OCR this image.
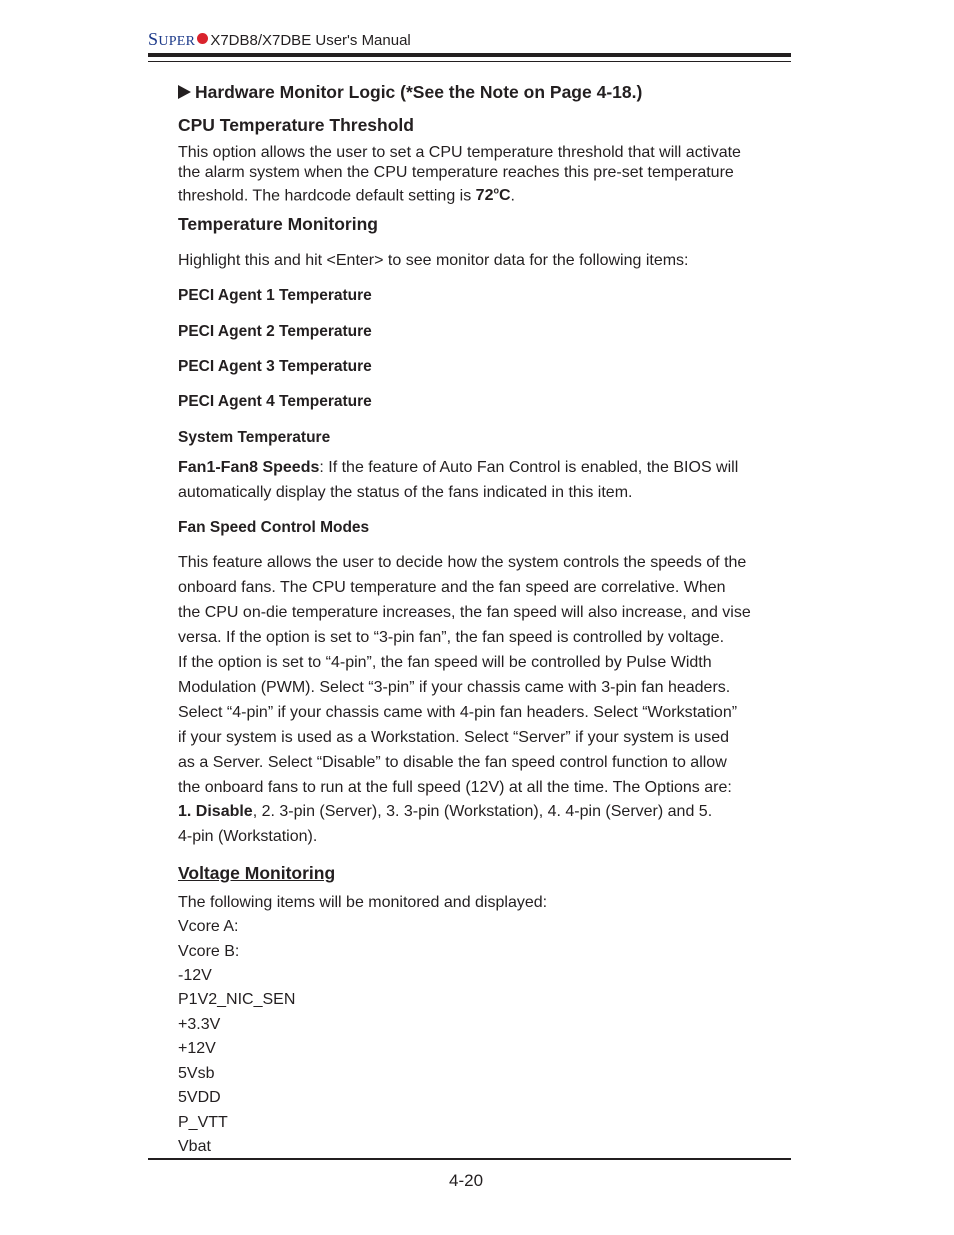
SUPER X7DB8/X7DBE User's Manual
Hardware Monitor Logic (*See the Note on Page 4-18.)
CPU Temperature Threshold
This option allows the user to set a CPU temperature threshold that will activate
the alarm system when the CPU temperature reaches this pre-set temperature
threshold. The hardcode default setting is 72$^o$C.
Temperature Monitoring
Highlight this and hit <Enter> to see monitor data for the following items:
PECI Agent 1 Temperature
PECI Agent 2 Temperature
PECI Agent 3 Temperature
PECI Agent 4 Temperature
System Temperature
Fan1-Fan8 Speeds: If the feature of Auto Fan Control is enabled, the BIOS will
automatically display the status of the fans indicated in this item.
Fan Speed Control Modes
This feature allows the user to decide how the system controls the speeds of the
onboard fans. The CPU temperature and the fan speed are correlative. When
the CPU on-die temperature increases, the fan speed will also increase, and vise
versa. If the option is set to “3-pin fan”, the fan speed is controlled by voltage.
If the option is set to “4-pin”, the fan speed will be controlled by Pulse Width
Modulation (PWM). Select “3-pin” if your chassis came with 3-pin fan headers.
Select “4-pin” if your chassis came with 4-pin fan headers. Select “Workstation”
if your system is used as a Workstation. Select “Server” if your system is used
as a Server. Select “Disable” to disable the fan speed control function to allow
the onboard fans to run at the full speed (12V) at all the time. The Options are:
1. Disable, 2. 3-pin (Server), 3. 3-pin (Workstation), 4. 4-pin (Server) and 5.
4-pin (Workstation).
Voltage Monitoring
The following items will be monitored and displayed:
Vcore A:
Vcore B:
-12V
P1V2_NIC_SEN
+3.3V
+12V
5Vsb
5VDD
P_VTT
Vbat
4-20
